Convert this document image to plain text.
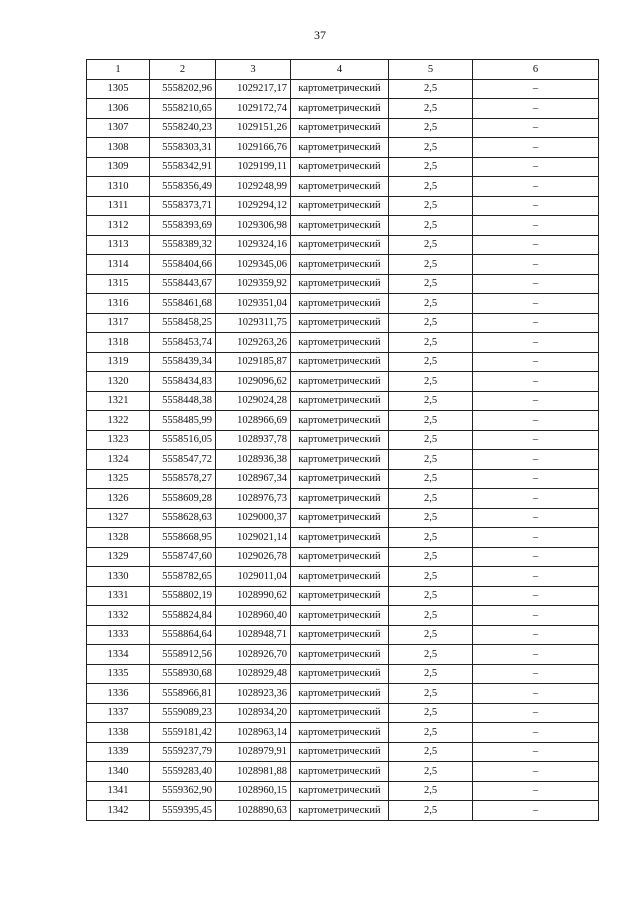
37
1	2	3	4	5	6
1305	5558202,96	1029217,17	картометрический	2,5	–
1306	5558210,65	1029172,74	картометрический	2,5	–
1307	5558240,23	1029151,26	картометрический	2,5	–
1308	5558303,31	1029166,76	картометрический	2,5	–
1309	5558342,91	1029199,11	картометрический	2,5	–
1310	5558356,49	1029248,99	картометрический	2,5	–
1311	5558373,71	1029294,12	картометрический	2,5	–
1312	5558393,69	1029306,98	картометрический	2,5	–
1313	5558389,32	1029324,16	картометрический	2,5	–
1314	5558404,66	1029345,06	картометрический	2,5	–
1315	5558443,67	1029359,92	картометрический	2,5	–
1316	5558461,68	1029351,04	картометрический	2,5	–
1317	5558458,25	1029311,75	картометрический	2,5	–
1318	5558453,74	1029263,26	картометрический	2,5	–
1319	5558439,34	1029185,87	картометрический	2,5	–
1320	5558434,83	1029096,62	картометрический	2,5	–
1321	5558448,38	1029024,28	картометрический	2,5	–
1322	5558485,99	1028966,69	картометрический	2,5	–
1323	5558516,05	1028937,78	картометрический	2,5	–
1324	5558547,72	1028936,38	картометрический	2,5	–
1325	5558578,27	1028967,34	картометрический	2,5	–
1326	5558609,28	1028976,73	картометрический	2,5	–
1327	5558628,63	1029000,37	картометрический	2,5	–
1328	5558668,95	1029021,14	картометрический	2,5	–
1329	5558747,60	1029026,78	картометрический	2,5	–
1330	5558782,65	1029011,04	картометрический	2,5	–
1331	5558802,19	1028990,62	картометрический	2,5	–
1332	5558824,84	1028960,40	картометрический	2,5	–
1333	5558864,64	1028948,71	картометрический	2,5	–
1334	5558912,56	1028926,70	картометрический	2,5	–
1335	5558930,68	1028929,48	картометрический	2,5	–
1336	5558966,81	1028923,36	картометрический	2,5	–
1337	5559089,23	1028934,20	картометрический	2,5	–
1338	5559181,42	1028963,14	картометрический	2,5	–
1339	5559237,79	1028979,91	картометрический	2,5	–
1340	5559283,40	1028981,88	картометрический	2,5	–
1341	5559362,90	1028960,15	картометрический	2,5	–
1342	5559395,45	1028890,63	картометрический	2,5	–
